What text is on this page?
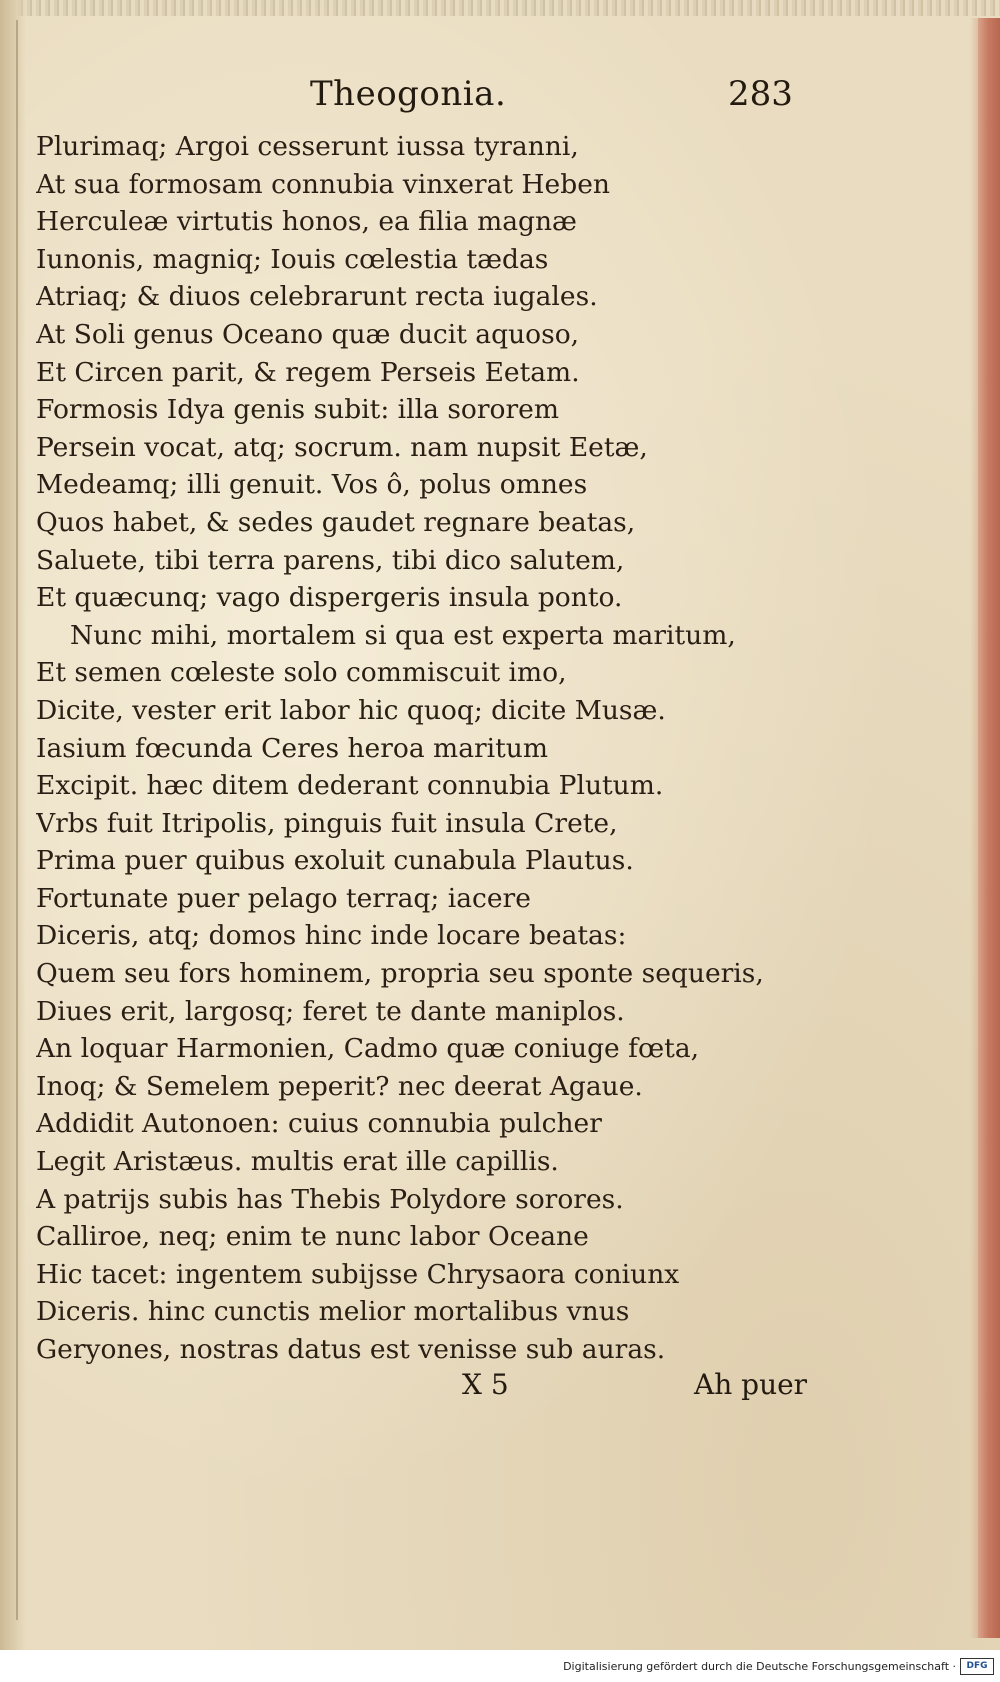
Theogonia.	283
Plurimaq; Argoi cesserunt iussa tyranni,
At sua formosam connubia vinxerat Heben
Herculeæ virtutis honos, ea filia magnæ
Iunonis, magniq; Iouis cœlestia tædas
Atriaq; & diuos celebrarunt recta iugales.
At Soli genus Oceano quæ ducit aquoso,
Et Circen parit, & regem Perseis Eetam.
Formosis Idya genis subit: illa sororem
Persein vocat, atq; socrum. nam nupsit Eetæ,
Medeamq; illi genuit. Vos ô, polus omnes
Quos habet, & sedes gaudet regnare beatas,
Saluete, tibi terra parens, tibi dico salutem,
Et quæcunq; vago dispergeris insula ponto.
Nunc mihi, mortalem si qua est experta maritum,
Et semen cœleste solo commiscuit imo,
Dicite, vester erit labor hic quoq; dicite Musæ.
Iasium fœcunda Ceres heroa maritum
Excipit. hæc ditem dederant connubia Plutum.
Vrbs fuit Itripolis, pinguis fuit insula Crete,
Prima puer quibus exoluit cunabula Plautus.
Fortunate puer pelago terraq; iacere
Diceris, atq; domos hinc inde locare beatas:
Quem seu fors hominem, propria seu sponte sequeris,
Diues erit, largosq; feret te dante maniplos.
An loquar Harmonien, Cadmo quæ coniuge fœta,
Inoq; & Semelem peperit? nec deerat Agaue.
Addidit Autonoen: cuius connubia pulcher
Legit Aristæus. multis erat ille capillis.
A patrijs subis has Thebis Polydore sorores.
Calliroe, neq; enim te nunc labor Oceane
Hic tacet: ingentem subijsse Chrysaora coniunx
Diceris. hinc cunctis melior mortalibus vnus
Geryones, nostras datus est venisse sub auras.
X 5	Ah puer
Digitalisierung gefördert durch die Deutsche Forschungsgemeinschaft ·	DFG
